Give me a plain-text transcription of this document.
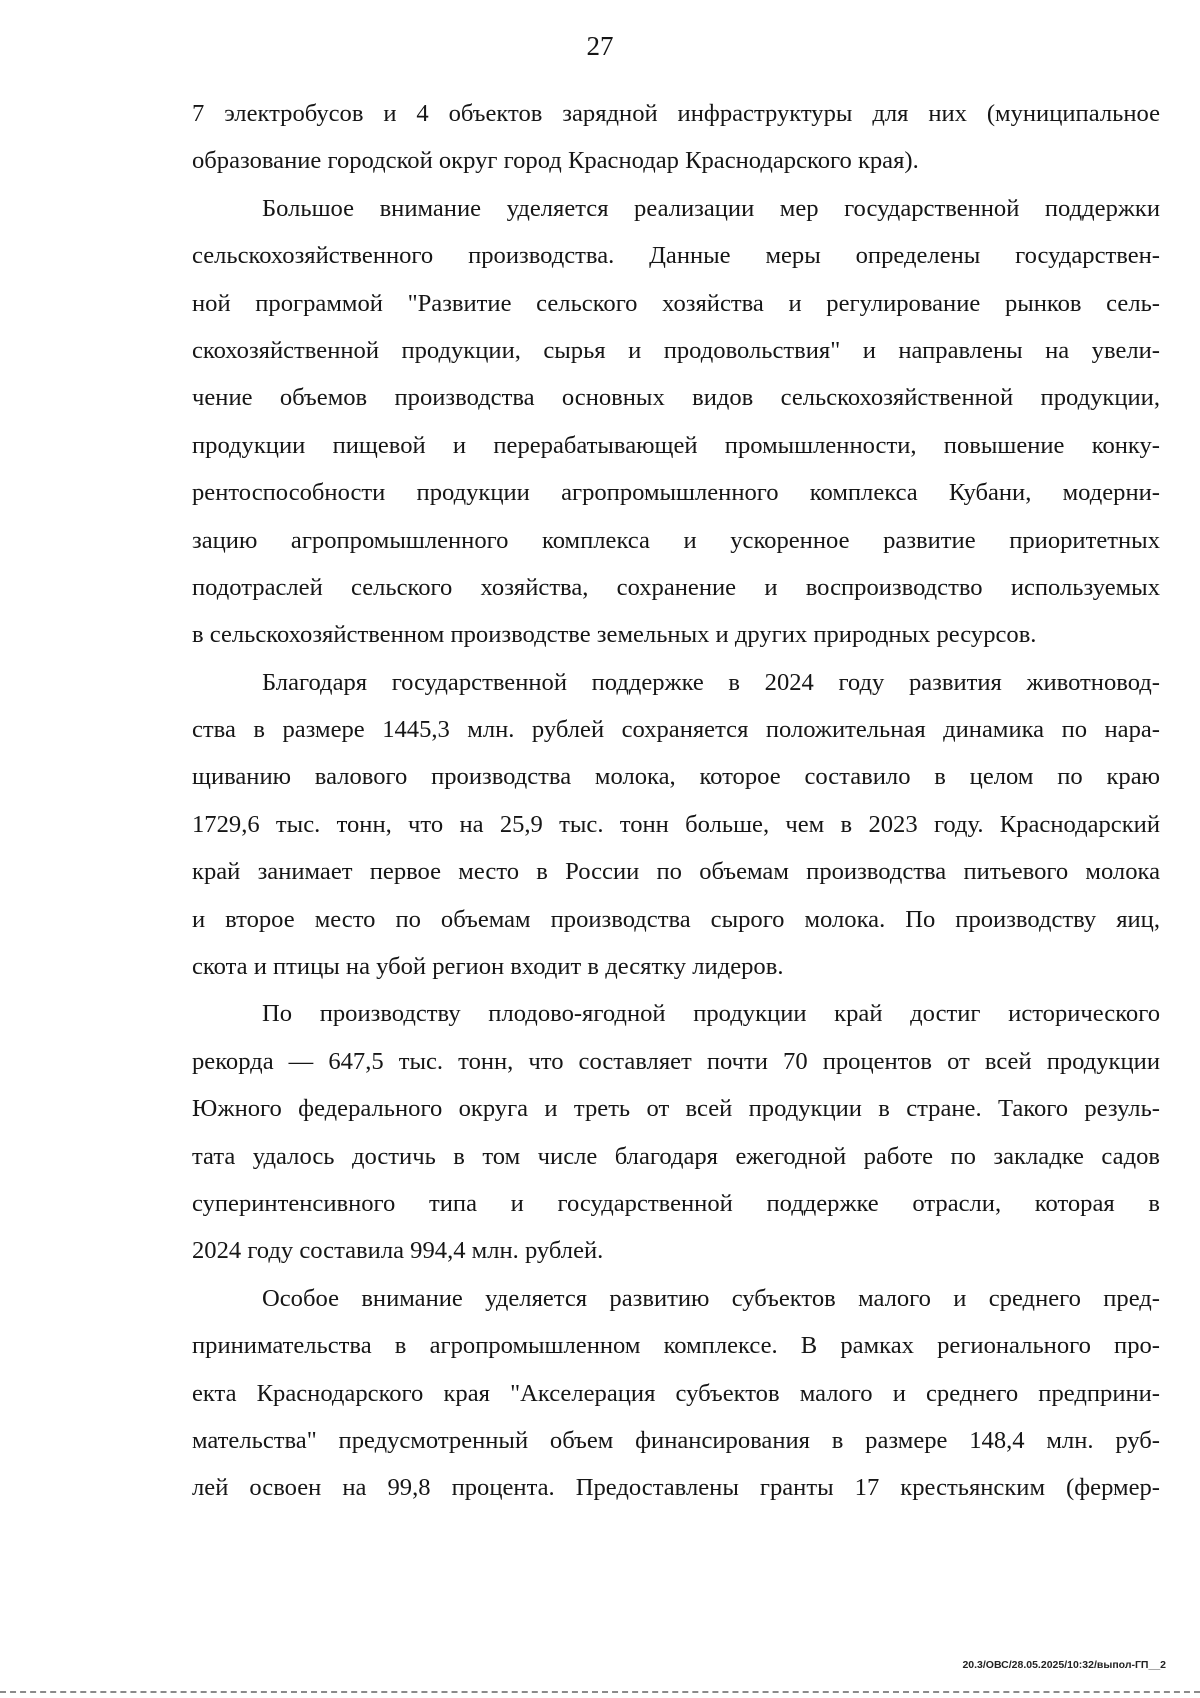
27
7 электробусов и 4 объектов зарядной инфраструктуры для них (муниципальное
образование городской округ город Краснодар Краснодарского края).
Большое внимание уделяется реализации мер государственной поддержки
сельскохозяйственного производства. Данные меры определены государствен-
ной программой "Развитие сельского хозяйства и регулирование рынков сель-
скохозяйственной продукции, сырья и продовольствия" и направлены на увели-
чение объемов производства основных видов сельскохозяйственной продукции,
продукции пищевой и перерабатывающей промышленности, повышение конку-
рентоспособности продукции агропромышленного комплекса Кубани, модерни-
зацию агропромышленного комплекса и ускоренное развитие приоритетных
подотраслей сельского хозяйства, сохранение и воспроизводство используемых
в сельскохозяйственном производстве земельных и других природных ресурсов.
Благодаря государственной поддержке в 2024 году развития животновод-
ства в размере 1445,3 млн. рублей сохраняется положительная динамика по нара-
щиванию валового производства молока, которое составило в целом по краю
1729,6 тыс. тонн, что на 25,9 тыс. тонн больше, чем в 2023 году. Краснодарский
край занимает первое место в России по объемам производства питьевого молока
и второе место по объемам производства сырого молока. По производству яиц,
скота и птицы на убой регион входит в десятку лидеров.
По производству плодово-ягодной продукции край достиг исторического
рекорда — 647,5 тыс. тонн, что составляет почти 70 процентов от всей продукции
Южного федерального округа и треть от всей продукции в стране. Такого резуль-
тата удалось достичь в том числе благодаря ежегодной работе по закладке садов
суперинтенсивного типа и государственной поддержке отрасли, которая в
2024 году составила 994,4 млн. рублей.
Особое внимание уделяется развитию субъектов малого и среднего пред-
принимательства в агропромышленном комплексе. В рамках регионального про-
екта Краснодарского края "Акселерация субъектов малого и среднего предприни-
мательства" предусмотренный объем финансирования в размере 148,4 млн. руб-
лей освоен на 99,8 процента. Предоставлены гранты 17 крестьянским (фермер-
20.3/ОВС/28.05.2025/10:32/выпол-ГП__2
